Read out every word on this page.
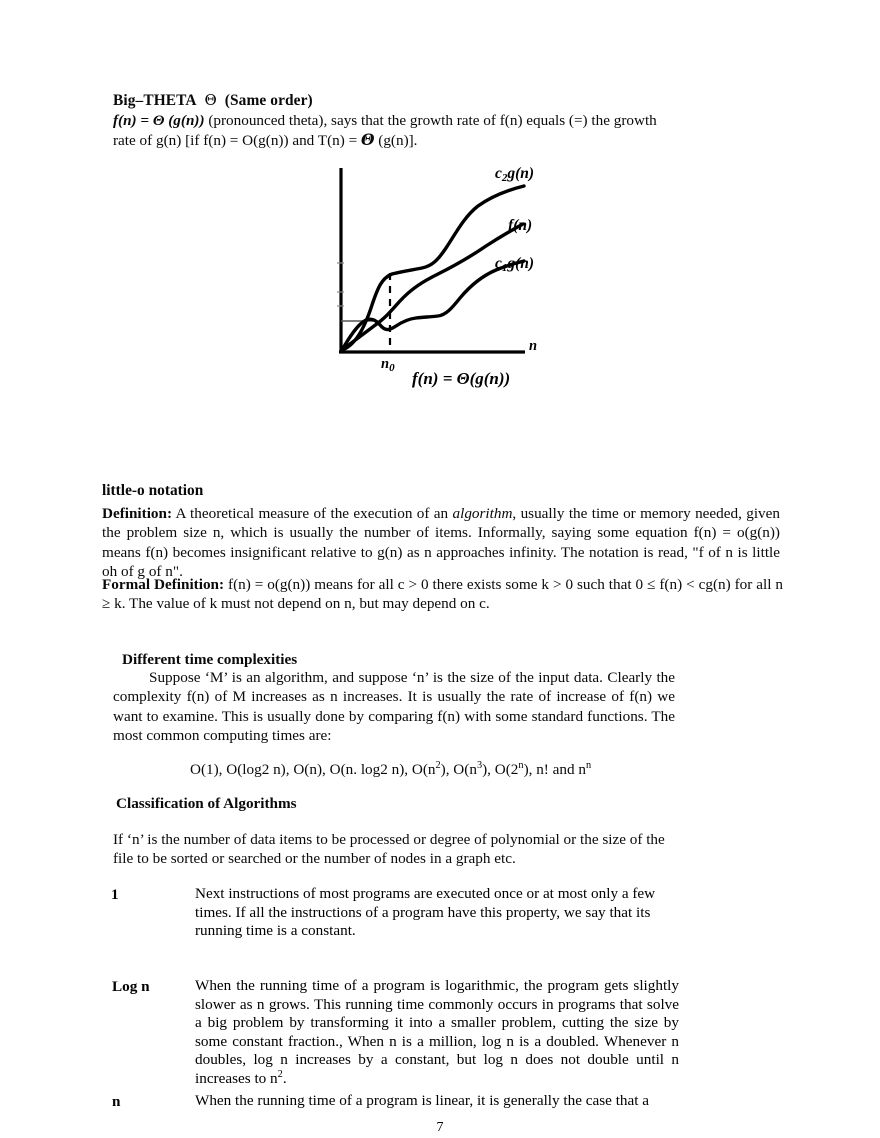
Big–THETA Θ (Same order)
f(n) = Θ (g(n)) (pronounced theta), says that the growth rate of f(n) equals (=) the growth rate of g(n) [if f(n) = O(g(n)) and T(n) = Θ (g(n)].
c2g(n)
f(n)
c1g(n)
n
$n_0$
f(n) = Θ(g(n))
little-o notation
Definition: A theoretical measure of the execution of an algorithm, usually the time or memory needed, given the problem size n, which is usually the number of items. Informally, saying some equation f(n) = o(g(n)) means f(n) becomes insignificant relative to g(n) as n approaches infinity. The notation is read, "f of n is little oh of g of n".
Formal Definition: f(n) = o(g(n)) means for all c > 0 there exists some k > 0 such that 0 ≤ f(n) < cg(n) for all n ≥ k. The value of k must not depend on n, but may depend on c.
Different time complexities
Suppose ‘M’ is an algorithm, and suppose ‘n’ is the size of the input data. Clearly the complexity f(n) of M increases as n increases. It is usually the rate of increase of f(n) we want to examine. This is usually done by comparing f(n) with some standard functions. The most common computing times are:
O(1), O(log2 n), O(n), O(n. log2 n), $O(n^2)$, $O(n^3)$, O(2$^n$), n! and $n^n$
Classification of Algorithms
If ‘n’ is the number of data items to be processed or degree of polynomial or the size of the file to be sorted or searched or the number of nodes in a graph etc.
1	Next instructions of most programs are executed once or at most only a few times. If all the instructions of a program have this property, we say that its running time is a constant.
Log n	When the running time of a program is logarithmic, the program gets slightly slower as n grows. This running time commonly occurs in programs that solve a big problem by transforming it into a smaller problem, cutting the size by some constant fraction., When n is a million, log n is a doubled. Whenever n doubles, log n increases by a constant, but log n does not double until n increases to $n^2$.
n	When the running time of a program is linear, it is generally the case that a
7
